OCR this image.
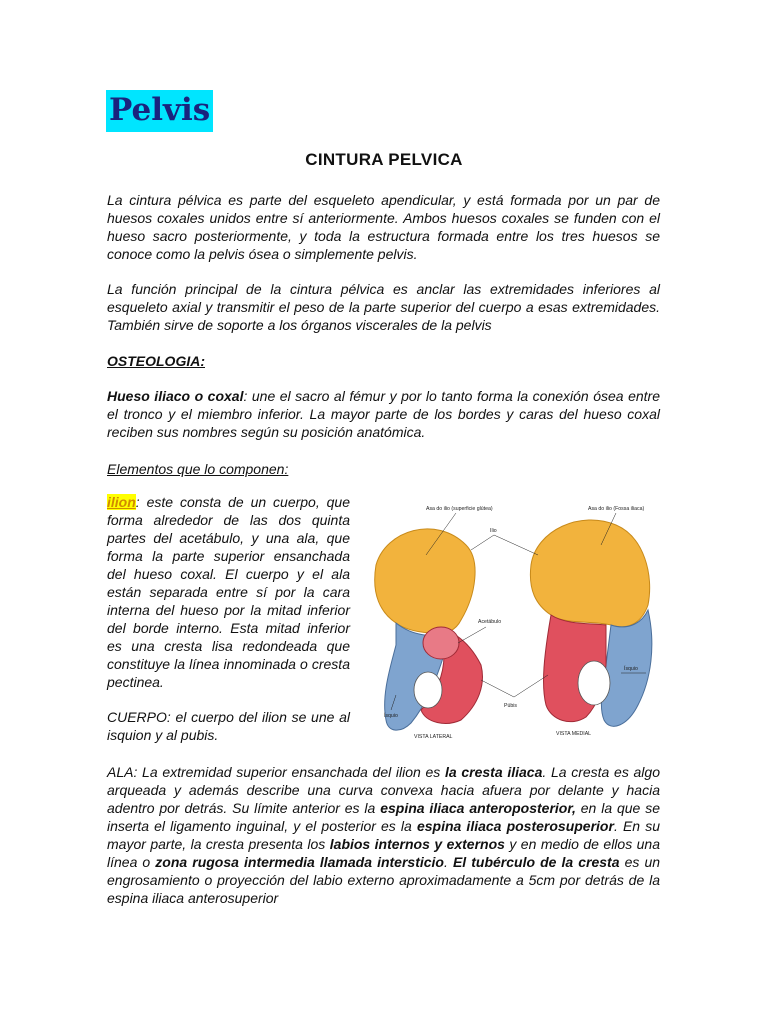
Pelvis
CINTURA PELVICA

La cintura pélvica es parte del esqueleto apendicular, y está formada por un par de huesos coxales unidos entre sí anteriormente. Ambos huesos coxales se funden con el hueso sacro posteriormente, y toda la estructura formada entre los tres huesos se conoce como la pelvis ósea o simplemente pelvis.

La función principal de la cintura pélvica es anclar las extremidades inferiores al esqueleto axial y transmitir el peso de la parte superior del cuerpo a esas extremidades. También sirve de soporte a los órganos viscerales de la pelvis

OSTEOLOGIA:

Hueso iliaco o coxal: une el sacro al fémur y por lo tanto forma la conexión ósea entre el tronco y el miembro inferior. La mayor parte de los bordes y caras del hueso coxal reciben sus nombres según su posición anatómica.

Elementos que lo componen:

ilion: este consta de un cuerpo, que forma alrededor de las dos quinta partes del acetábulo, y una ala, que forma la parte superior ensanchada del hueso coxal. El cuerpo y el ala están separada entre sí por la cara interna del hueso por la mitad inferior del borde interno. Esta mitad inferior es una cresta lisa redondeada que constituye la línea innominada o cresta pectinea.

CUERPO: el cuerpo del ilion se une al isquion y al pubis.

Asa do ilio (superficie glútea)	Asa do ilio (Fossa iliaca)
Ilio
Acetábulo
Ísquio
Ísquio
Púbis
VISTA LATERAL	VISTA MEDIAL

ALA: La extremidad superior ensanchada del ilion es la cresta iliaca. La cresta es algo arqueada y además describe una curva convexa hacia afuera por delante y hacia adentro por detrás. Su límite anterior es la espina iliaca anteroposterior, en la que se inserta el ligamento inguinal, y el posterior es la espina iliaca posterosuperior. En su mayor parte, la cresta presenta los labios internos y externos y en medio de ellos una línea o zona rugosa intermedia llamada intersticio. El tubérculo de la cresta es un engrosamiento o proyección del labio externo aproximadamente a 5cm por detrás de la espina iliaca anterosuperior
